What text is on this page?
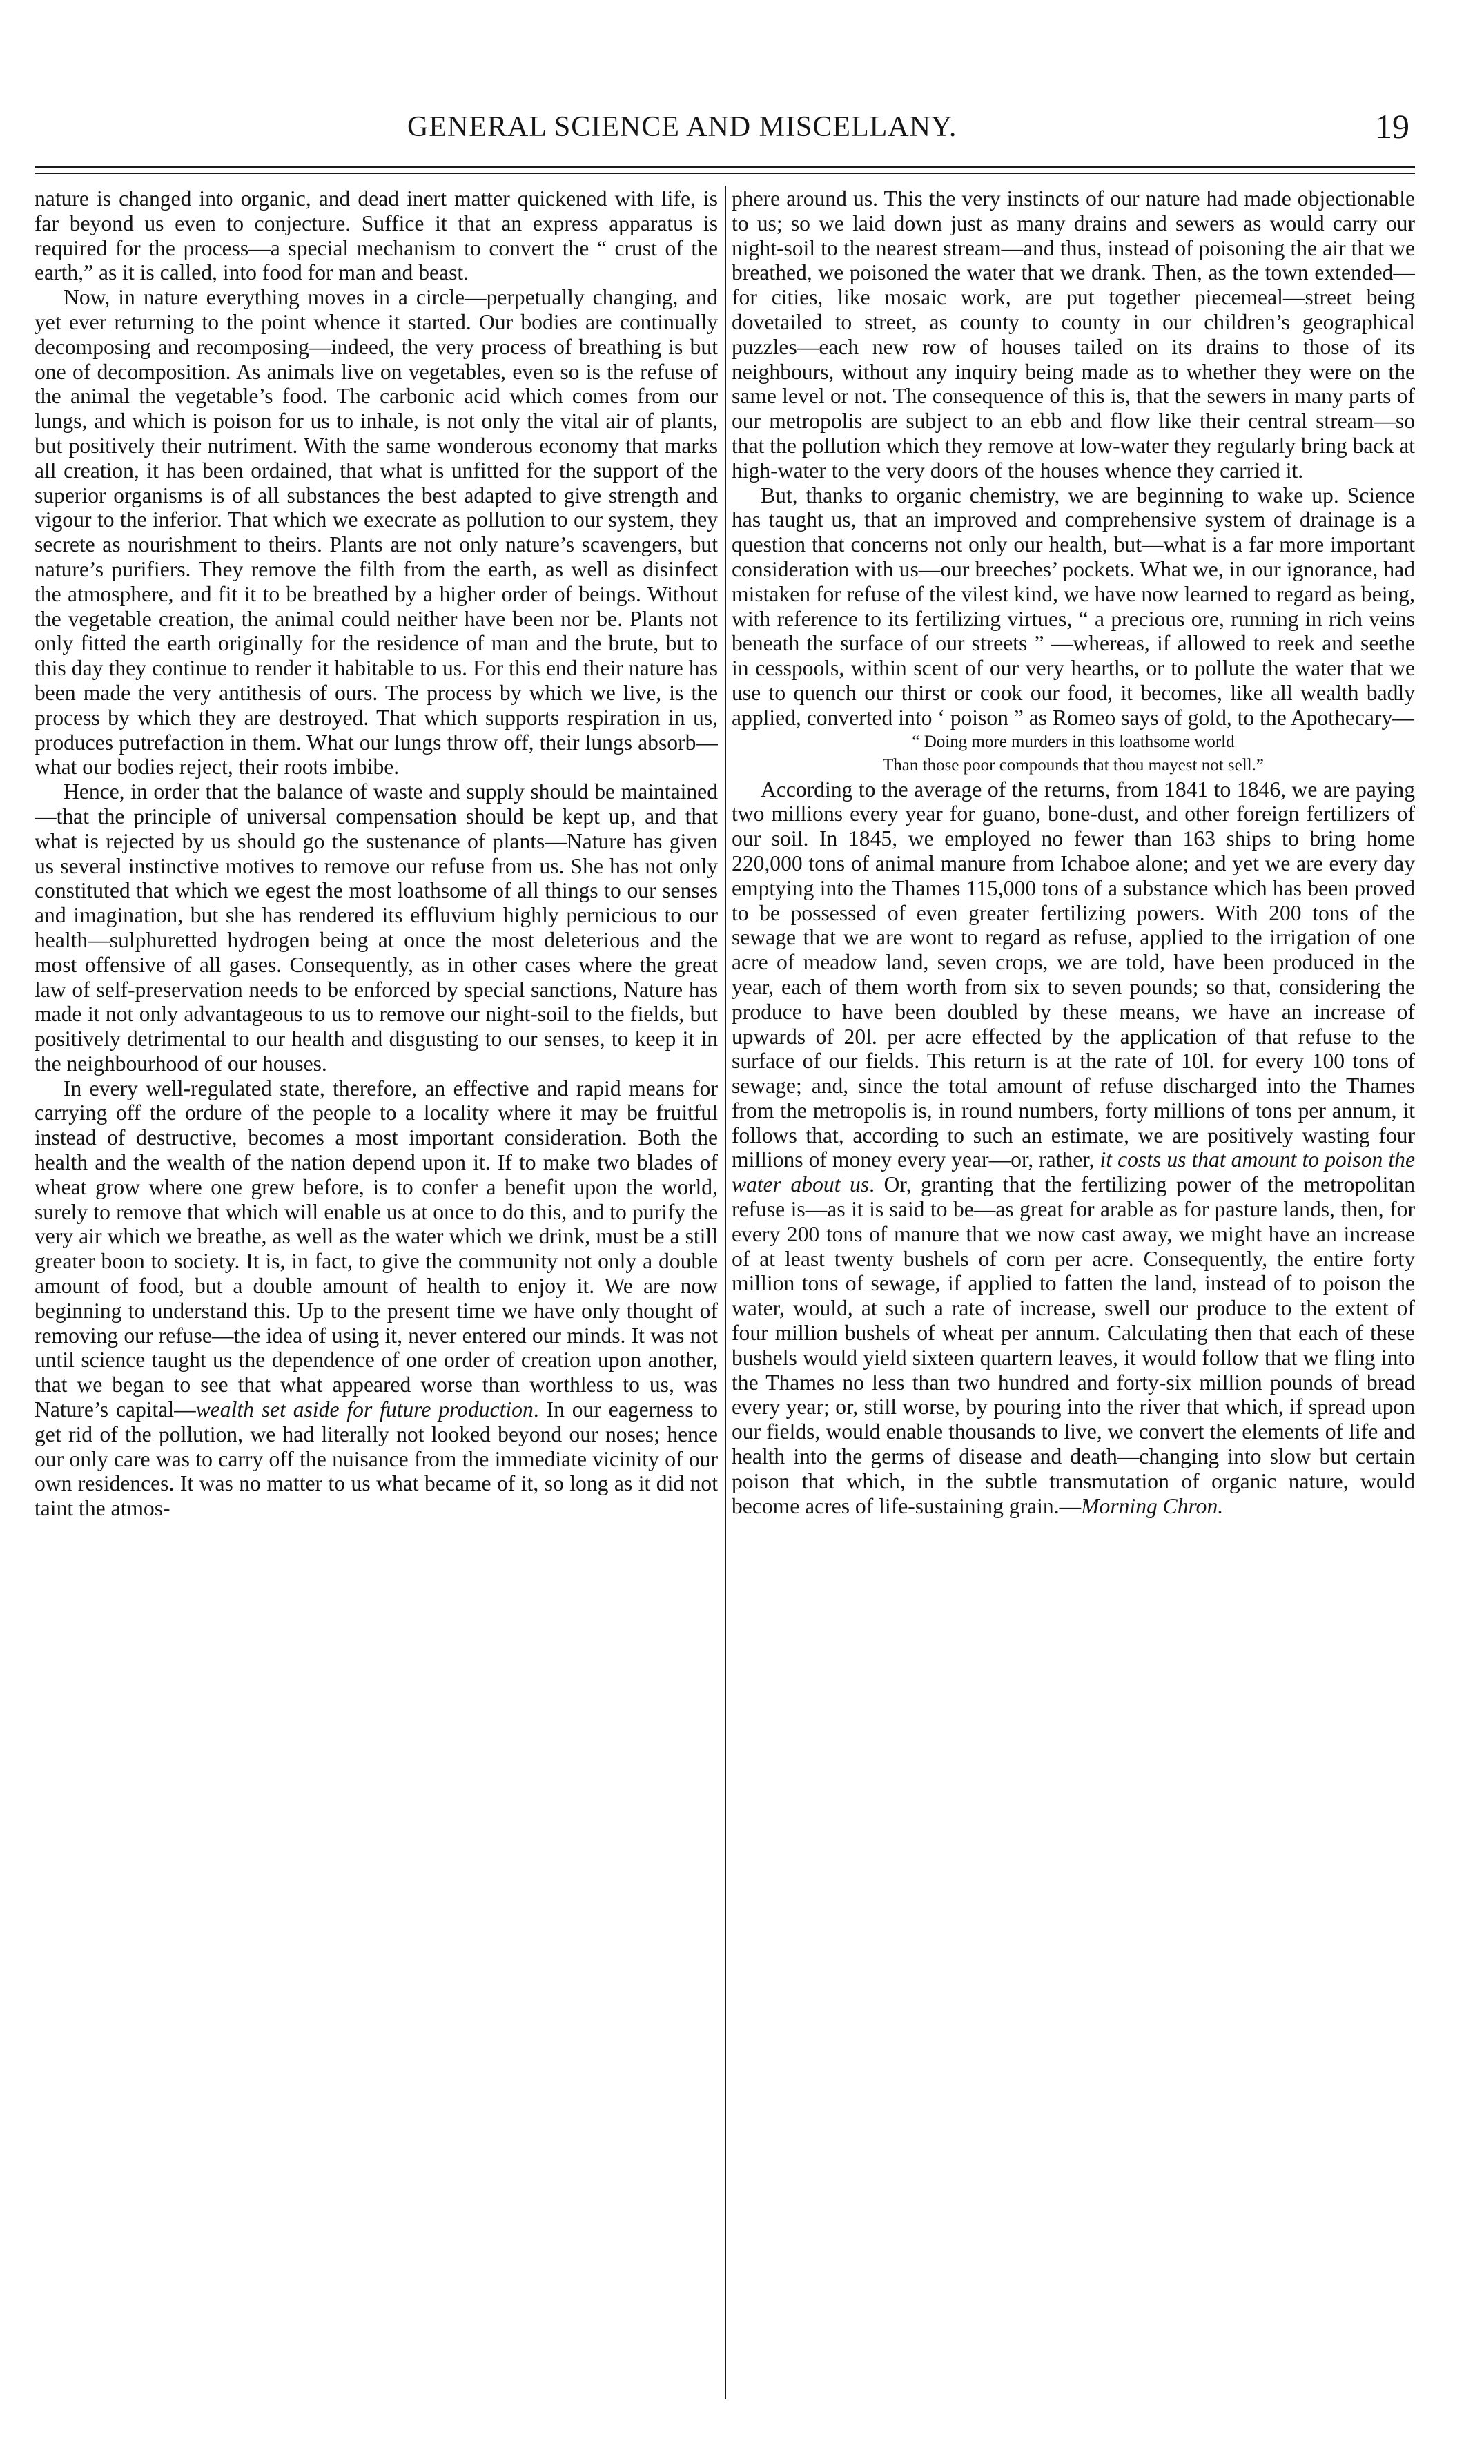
GENERAL SCIENCE AND MISCELLANY.	19

nature is changed into organic, and dead inert matter quickened with life, is far beyond us even to conjecture. Suffice it that an express apparatus is required for the process—a special mechanism to convert the “ crust of the earth,” as it is called, into food for man and beast.

Now, in nature everything moves in a circle—perpetually changing, and yet ever returning to the point whence it started. Our bodies are continually decomposing and recomposing—indeed, the very process of breathing is but one of decomposition. As animals live on vegetables, even so is the refuse of the animal the vegetable’s food. The carbonic acid which comes from our lungs, and which is poison for us to inhale, is not only the vital air of plants, but positively their nutriment. With the same wonderous economy that marks all creation, it has been ordained, that what is unfitted for the support of the superior organisms is of all substances the best adapted to give strength and vigour to the inferior. That which we execrate as pollution to our system, they secrete as nourishment to theirs. Plants are not only nature’s scavengers, but nature’s purifiers. They remove the filth from the earth, as well as disinfect the atmosphere, and fit it to be breathed by a higher order of beings. Without the vegetable creation, the animal could neither have been nor be. Plants not only fitted the earth originally for the residence of man and the brute, but to this day they continue to render it habitable to us. For this end their nature has been made the very antithesis of ours. The process by which we live, is the process by which they are destroyed. That which supports respiration in us, produces putrefaction in them. What our lungs throw off, their lungs absorb—what our bodies reject, their roots imbibe.

Hence, in order that the balance of waste and supply should be maintained—that the principle of universal compensation should be kept up, and that what is rejected by us should go the sustenance of plants—Nature has given us several instinctive motives to remove our refuse from us. She has not only constituted that which we egest the most loathsome of all things to our senses and imagination, but she has rendered its effluvium highly pernicious to our health—sulphuretted hydrogen being at once the most deleterious and the most offensive of all gases. Consequently, as in other cases where the great law of self-preservation needs to be enforced by special sanctions, Nature has made it not only advantageous to us to remove our night-soil to the fields, but positively detrimental to our health and disgusting to our senses, to keep it in the neighbourhood of our houses.

In every well-regulated state, therefore, an effective and rapid means for carrying off the ordure of the people to a locality where it may be fruitful instead of destructive, becomes a most important consideration. Both the health and the wealth of the nation depend upon it. If to make two blades of wheat grow where one grew before, is to confer a benefit upon the world, surely to remove that which will enable us at once to do this, and to purify the very air which we breathe, as well as the water which we drink, must be a still greater boon to society. It is, in fact, to give the community not only a double amount of food, but a double amount of health to enjoy it. We are now beginning to understand this. Up to the present time we have only thought of removing our refuse—the idea of using it, never entered our minds. It was not until science taught us the dependence of one order of creation upon another, that we began to see that what appeared worse than worthless to us, was Nature’s capital—wealth set aside for future production. In our eagerness to get rid of the pollution, we had literally not looked beyond our noses; hence our only care was to carry off the nuisance from the immediate vicinity of our own residences. It was no matter to us what became of it, so long as it did not taint the atmos-

phere around us. This the very instincts of our nature had made objectionable to us; so we laid down just as many drains and sewers as would carry our night-soil to the nearest stream—and thus, instead of poisoning the air that we breathed, we poisoned the water that we drank. Then, as the town extended—for cities, like mosaic work, are put together piecemeal—street being dovetailed to street, as county to county in our children’s geographical puzzles—each new row of houses tailed on its drains to those of its neighbours, without any inquiry being made as to whether they were on the same level or not. The consequence of this is, that the sewers in many parts of our metropolis are subject to an ebb and flow like their central stream—so that the pollution which they remove at low-water they regularly bring back at high-water to the very doors of the houses whence they carried it.

But, thanks to organic chemistry, we are beginning to wake up. Science has taught us, that an improved and comprehensive system of drainage is a question that concerns not only our health, but—what is a far more important consideration with us—our breeches’ pockets. What we, in our ignorance, had mistaken for refuse of the vilest kind, we have now learned to regard as being, with reference to its fertilizing virtues, “ a precious ore, running in rich veins beneath the surface of our streets ” —whereas, if allowed to reek and seethe in cesspools, within scent of our very hearths, or to pollute the water that we use to quench our thirst or cook our food, it becomes, like all wealth badly applied, converted into ‘ poison ” as Romeo says of gold, to the Apothecary—

“ Doing more murders in this loathsome world
Than those poor compounds that thou mayest not sell.”

According to the average of the returns, from 1841 to 1846, we are paying two millions every year for guano, bone-dust, and other foreign fertilizers of our soil. In 1845, we employed no fewer than 163 ships to bring home 220,000 tons of animal manure from Ichaboe alone; and yet we are every day emptying into the Thames 115,000 tons of a substance which has been proved to be possessed of even greater fertilizing powers. With 200 tons of the sewage that we are wont to regard as refuse, applied to the irrigation of one acre of meadow land, seven crops, we are told, have been produced in the year, each of them worth from six to seven pounds; so that, considering the produce to have been doubled by these means, we have an increase of upwards of 20l. per acre effected by the application of that refuse to the surface of our fields. This return is at the rate of 10l. for every 100 tons of sewage; and, since the total amount of refuse discharged into the Thames from the metropolis is, in round numbers, forty millions of tons per annum, it follows that, according to such an estimate, we are positively wasting four millions of money every year—or, rather, it costs us that amount to poison the water about us. Or, granting that the fertilizing power of the metropolitan refuse is—as it is said to be—as great for arable as for pasture lands, then, for every 200 tons of manure that we now cast away, we might have an increase of at least twenty bushels of corn per acre. Consequently, the entire forty million tons of sewage, if applied to fatten the land, instead of to poison the water, would, at such a rate of increase, swell our produce to the extent of four million bushels of wheat per annum. Calculating then that each of these bushels would yield sixteen quartern leaves, it would follow that we fling into the Thames no less than two hundred and forty-six million pounds of bread every year; or, still worse, by pouring into the river that which, if spread upon our fields, would enable thousands to live, we convert the elements of life and health into the germs of disease and death—changing into slow but certain poison that which, in the subtle transmutation of organic nature, would become acres of life-sustaining grain.—Morning Chron.
